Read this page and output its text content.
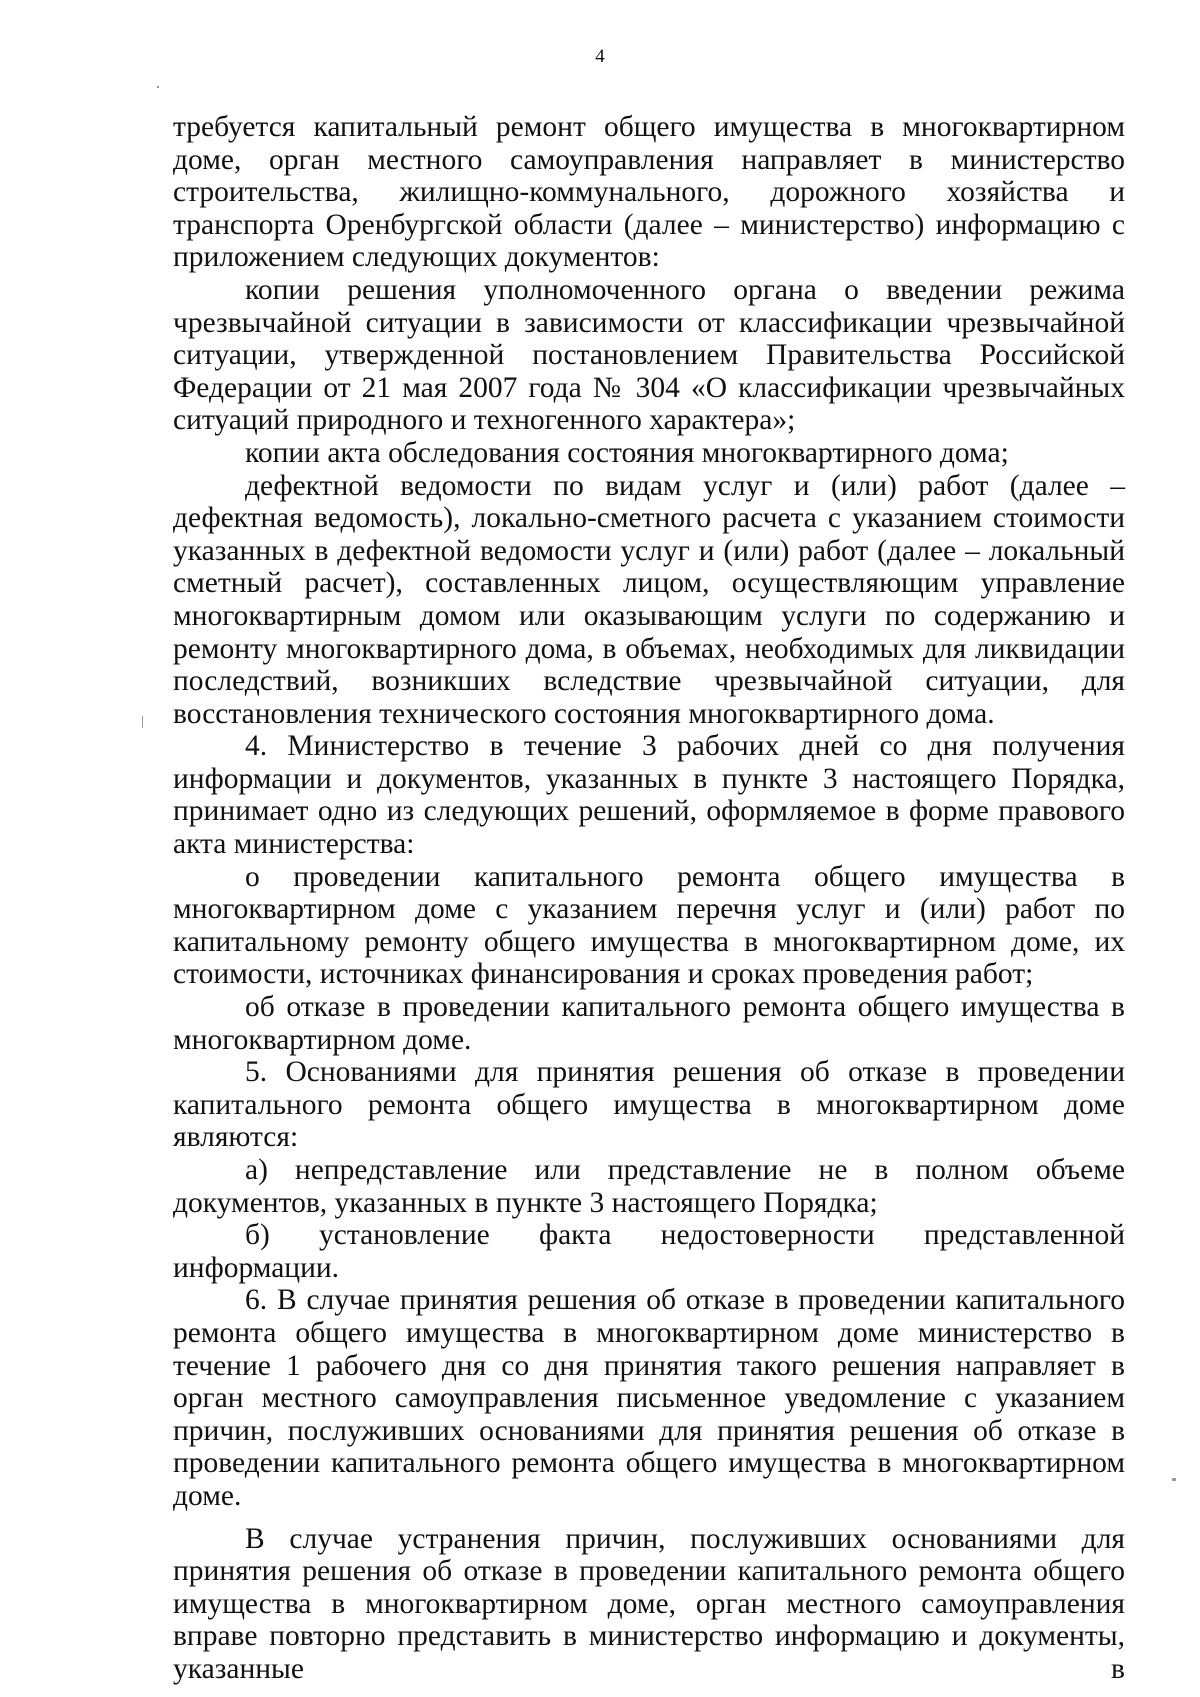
4

требуется капитальный ремонт общего имущества в многоквартирном доме, орган местного самоуправления направляет в министерство строительства, жилищно-коммунального, дорожного хозяйства и транспорта Оренбургской области (далее – министерство) информацию с приложением следующих документов:

копии решения уполномоченного органа о введении режима чрезвычайной ситуации в зависимости от классификации чрезвычайной ситуации, утвержденной постановлением Правительства Российской Федерации от 21 мая 2007 года № 304 «О классификации чрезвычайных ситуаций природного и техногенного характера»;

копии акта обследования состояния многоквартирного дома;

дефектной ведомости по видам услуг и (или) работ (далее – дефектная ведомость), локально-сметного расчета с указанием стоимости указанных в дефектной ведомости услуг и (или) работ (далее – локальный сметный расчет), составленных лицом, осуществляющим управление многоквартирным домом или оказывающим услуги по содержанию и ремонту многоквартирного дома, в объемах, необходимых для ликвидации последствий, возникших вследствие чрезвычайной ситуации, для восстановления технического состояния многоквартирного дома.

4. Министерство в течение 3 рабочих дней со дня получения информации и документов, указанных в пункте 3 настоящего Порядка, принимает одно из следующих решений, оформляемое в форме правового акта министерства:

о проведении капитального ремонта общего имущества в многоквартирном доме с указанием перечня услуг и (или) работ по капитальному ремонту общего имущества в многоквартирном доме, их стоимости, источниках финансирования и сроках проведения работ;

об отказе в проведении капитального ремонта общего имущества в многоквартирном доме.

5. Основаниями для принятия решения об отказе в проведении капитального ремонта общего имущества в многоквартирном доме являются:

а) непредставление или представление не в полном объеме документов, указанных в пункте 3 настоящего Порядка;

б) установление факта недостоверности представленной информации.

6. В случае принятия решения об отказе в проведении капитального ремонта общего имущества в многоквартирном доме министерство в течение 1 рабочего дня со дня принятия такого решения направляет в орган местного самоуправления письменное уведомление с указанием причин, послуживших основаниями для принятия решения об отказе в проведении капитального ремонта общего имущества в многоквартирном доме.

В случае устранения причин, послуживших основаниями для принятия решения об отказе в проведении капитального ремонта общего имущества в многоквартирном доме, орган местного самоуправления вправе повторно представить в министерство информацию и документы, указанные в
